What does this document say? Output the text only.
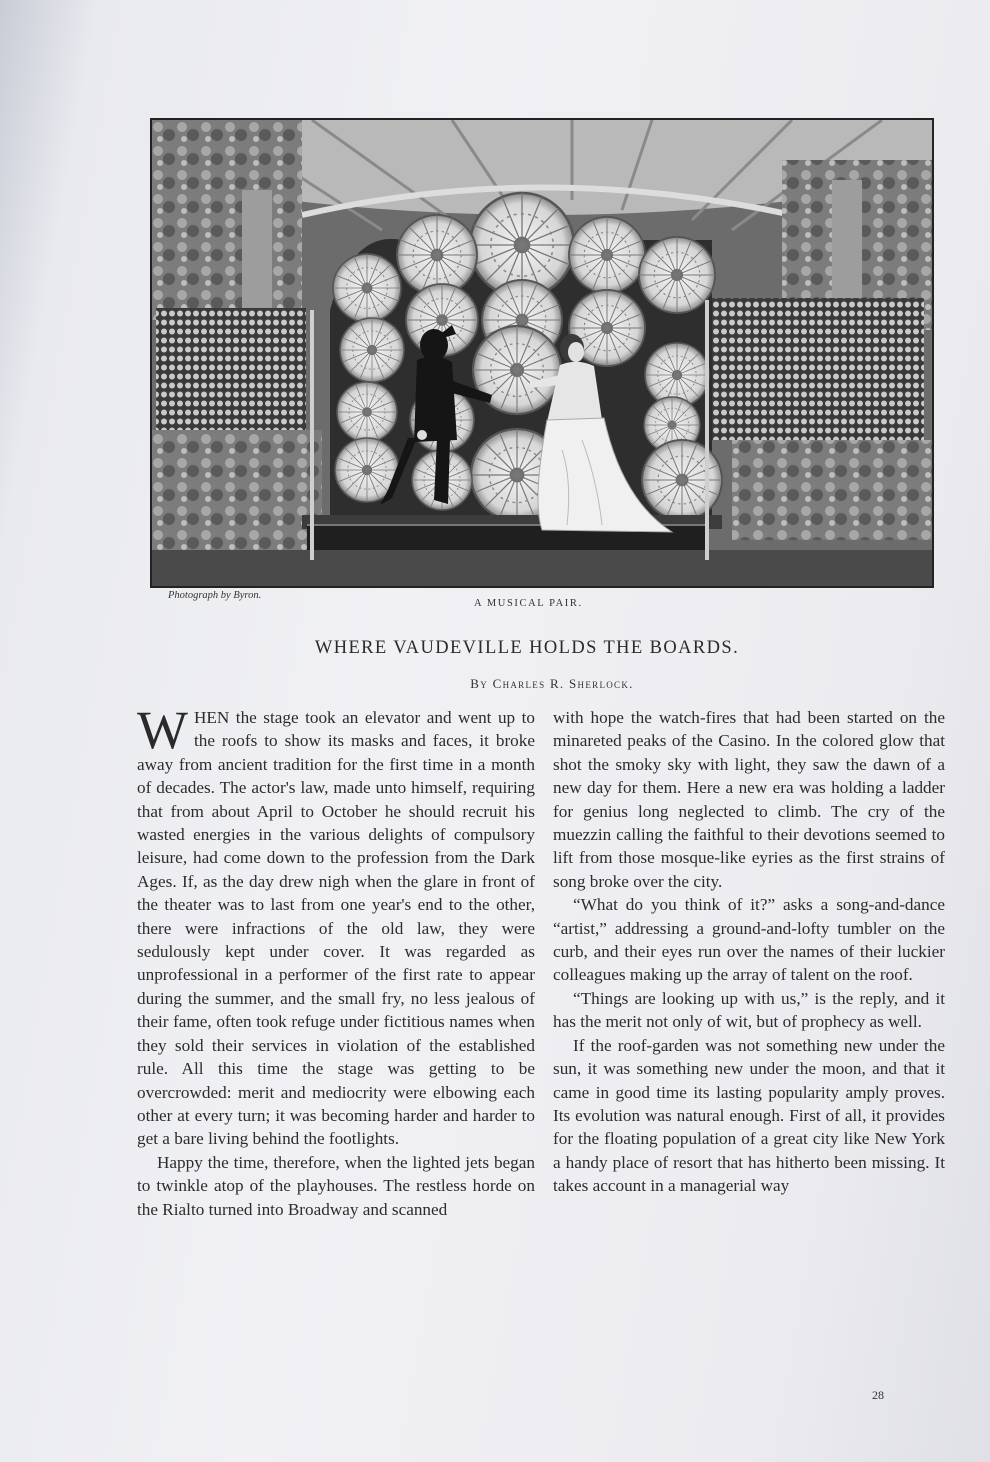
Photograph by Byron.
A MUSICAL PAIR.
WHERE VAUDEVILLE HOLDS THE BOARDS.
By Charles R. Sherlock.

WHEN the stage took an elevator and went up to the roofs to show its masks and faces, it broke away from ancient tradition for the first time in a month of decades. The actor's law, made unto himself, requiring that from about April to October he should recruit his wasted energies in the various delights of compulsory leisure, had come down to the profession from the Dark Ages. If, as the day drew nigh when the glare in front of the theater was to last from one year's end to the other, there were infractions of the old law, they were sedulously kept under cover. It was regarded as unprofessional in a performer of the first rate to appear during the summer, and the small fry, no less jealous of their fame, often took refuge under fictitious names when they sold their services in violation of the established rule. All this time the stage was getting to be overcrowded: merit and mediocrity were elbowing each other at every turn; it was becoming harder and harder to get a bare living behind the footlights.

Happy the time, therefore, when the lighted jets began to twinkle atop of the playhouses. The restless horde on the Rialto turned into Broadway and scanned

with hope the watch-fires that had been started on the minareted peaks of the Casino. In the colored glow that shot the smoky sky with light, they saw the dawn of a new day for them. Here a new era was holding a ladder for genius long neglected to climb. The cry of the muezzin calling the faithful to their devotions seemed to lift from those mosque-like eyries as the first strains of song broke over the city.

“What do you think of it?” asks a song-and-dance “artist,” addressing a ground-and-lofty tumbler on the curb, and their eyes run over the names of their luckier colleagues making up the array of talent on the roof.

“Things are looking up with us,” is the reply, and it has the merit not only of wit, but of prophecy as well.

If the roof-garden was not something new under the sun, it was something new under the moon, and that it came in good time its lasting popularity amply proves. Its evolution was natural enough. First of all, it provides for the floating population of a great city like New York a handy place of resort that has hitherto been missing. It takes account in a managerial way

28
